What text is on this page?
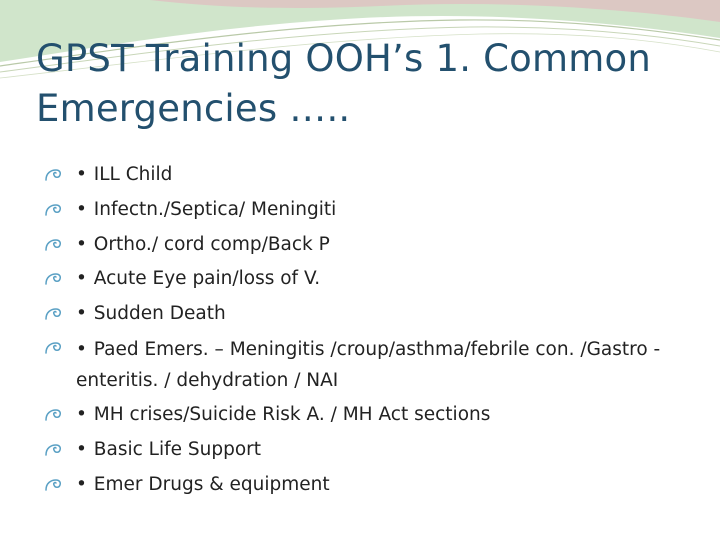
GPST Training OOH’s 1. Common Emergencies …..
• ILL Child
• Infectn./Septica/ Meningiti
• Ortho./ cord comp/Back P
• Acute Eye pain/loss of V.
• Sudden Death
• Paed Emers. – Meningitis /croup/asthma/febrile con. /Gastro -enteritis. / dehydration / NAI
• MH crises/Suicide Risk A. / MH Act sections
• Basic Life Support
• Emer Drugs & equipment
